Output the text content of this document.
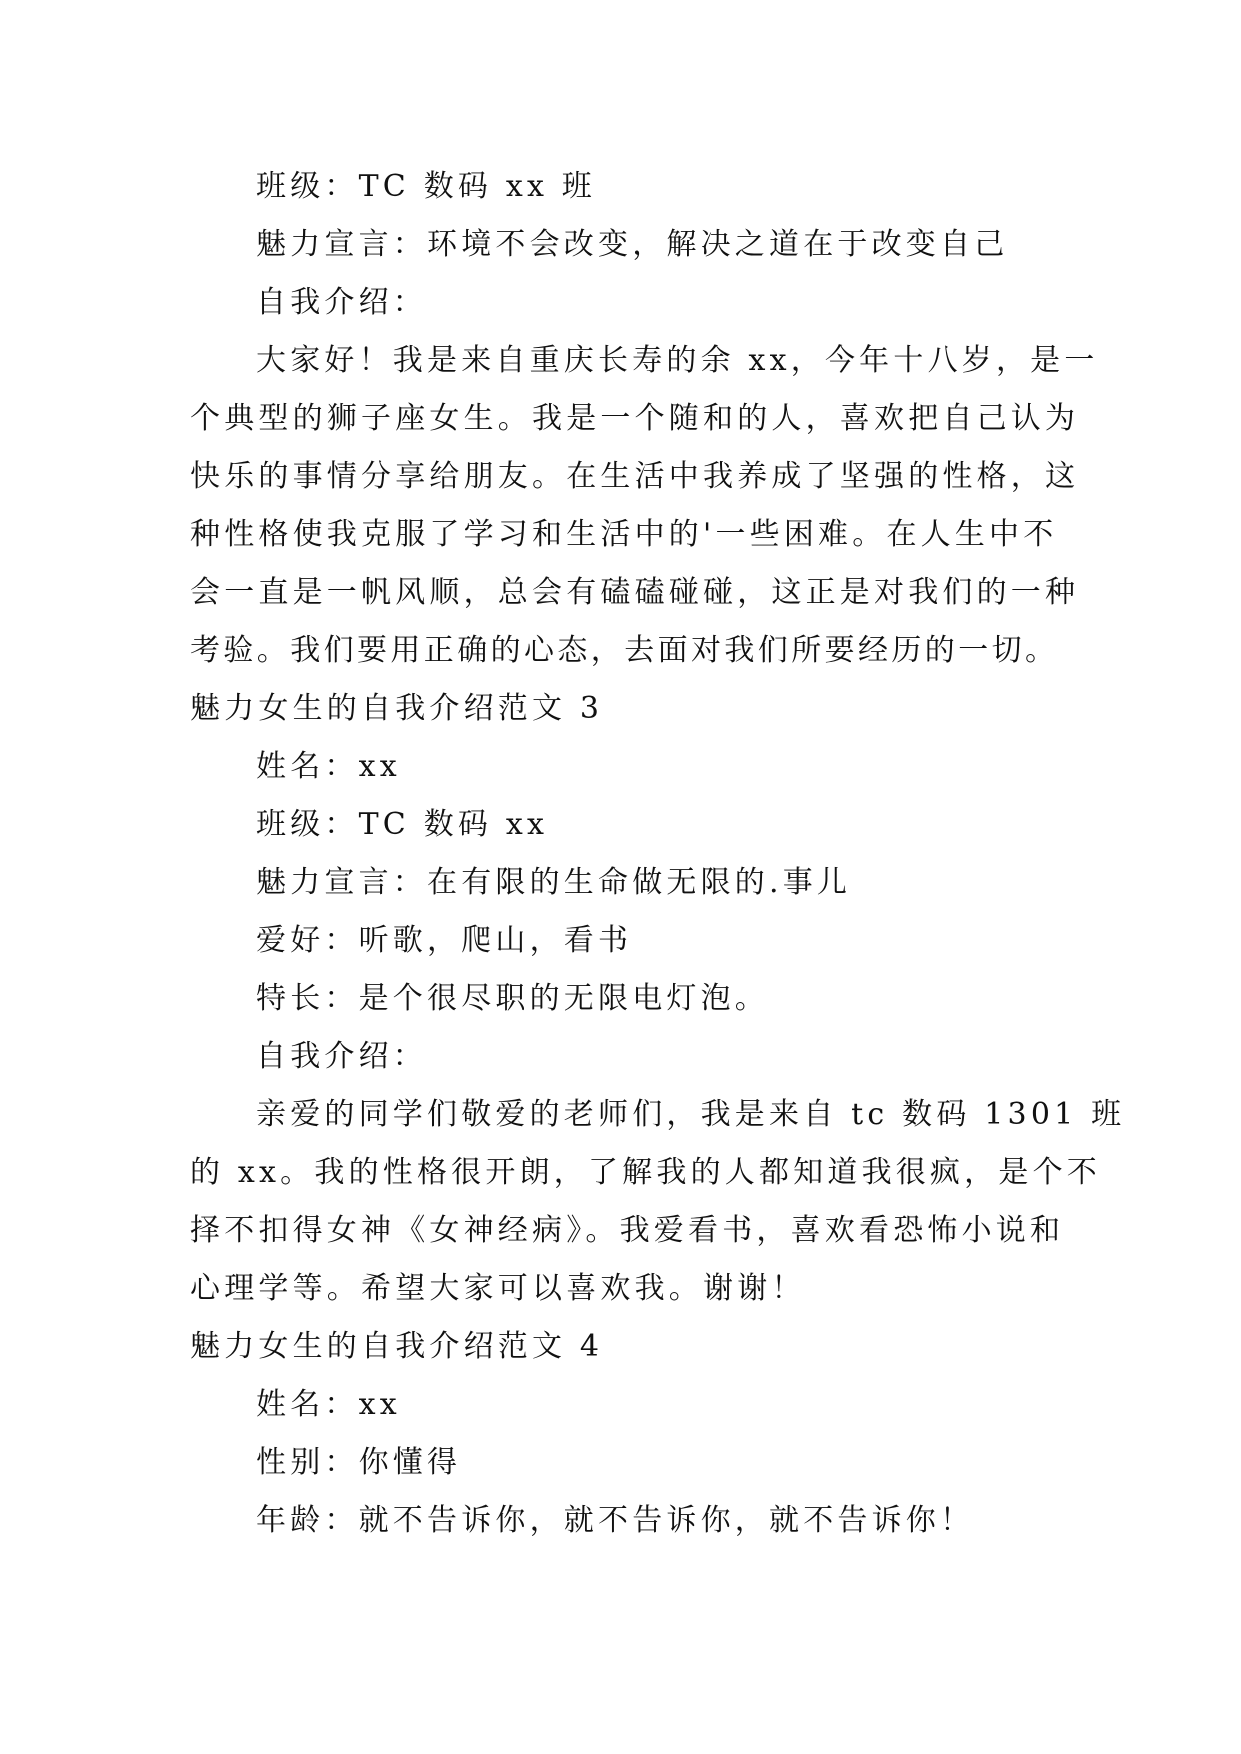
班级：TC 数码 xx 班
魅力宣言：环境不会改变，解决之道在于改变自己
自我介绍：
大家好！我是来自重庆长寿的余 xx，今年十八岁，是一
个典型的狮子座女生。我是一个随和的人，喜欢把自己认为
快乐的事情分享给朋友。在生活中我养成了坚强的性格，这
种性格使我克服了学习和生活中的'一些困难。在人生中不
会一直是一帆风顺，总会有磕磕碰碰，这正是对我们的一种
考验。我们要用正确的心态，去面对我们所要经历的一切。
魅力女生的自我介绍范文 3
姓名：xx
班级：TC 数码 xx
魅力宣言：在有限的生命做无限的.事儿
爱好：听歌，爬山，看书
特长：是个很尽职的无限电灯泡。
自我介绍：
亲爱的同学们敬爱的老师们，我是来自 tc 数码 1301 班
的 xx。我的性格很开朗，了解我的人都知道我很疯，是个不
择不扣得女神《女神经病》。我爱看书，喜欢看恐怖小说和
心理学等。希望大家可以喜欢我。谢谢！
魅力女生的自我介绍范文 4
姓名：xx
性别：你懂得
年龄：就不告诉你，就不告诉你，就不告诉你！
